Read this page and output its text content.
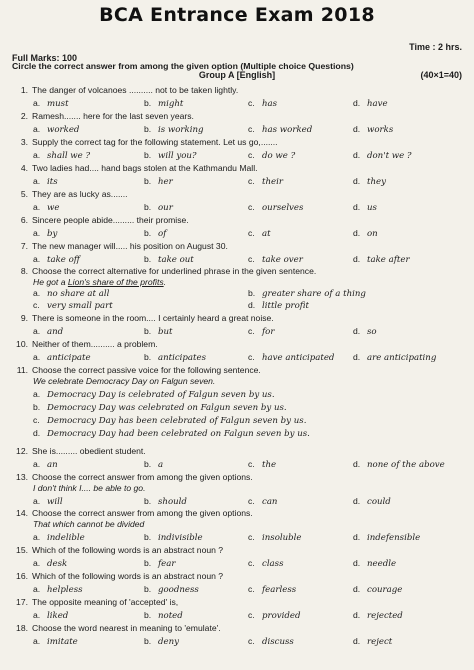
BCA Entrance Exam 2018
Time : 2 hrs.
Full Marks: 100
Circle the correct answer from among the given option (Multiple choice Questions)
Group A [English]	(40×1=40)
1. The danger of volcanoes .......... not to be taken lightly.
a. must	b. might	c. has	d. have
2. Ramesh....... here for the last seven years.
a. worked	b. is working	c. has worked	d. works
3. Supply the correct tag for the following statement. Let us go,.......
a. shall we ?	b. will you?	c. do we ?	d. don't we ?
4. Two ladies had.... hand bags stolen at the Kathmandu Mall.
a. its	b. her	c. their	d. they
5. They are as lucky as.......
a. we	b. our	c. ourselves	d. us
6. Sincere people abide......... their promise.
a. by	b. of	c. at	d. on
7. The new manager will..... his position on August 30.
a. take off	b. take out	c. take over	d. take after
8. Choose the correct alternative for underlined phrase in the given sentence.
He got a Lion's share of the profits.
a. no share at all	b. greater share of a thing
c. very small part	d. little profit
9. There is someone in the room.... I certainly heard a great noise.
a. and	b. but	c. for	d. so
10. Neither of them.......... a problem.
a. anticipate	b. anticipates	c. have anticipated d. are anticipating
11. Choose the correct passive voice for the following sentence.
We celebrate Democracy Day on Falgun seven.
a. Democracy Day is celebrated of Falgun seven by us.
b. Democracy Day was celebrated on Falgun seven by us.
c. Democracy Day has been celebrated of Falgun seven by us.
d. Democracy Day had been celebrated on Falgun seven by us.
12. She is......... obedient student.
a. an	b. a	c. the	d. none of the above
13. Choose the correct answer from among the given options.
I don't think I.... be able to go.
a. will	b. should	c. can	d. could
14. Choose the correct answer from among the given options.
That which cannot be divided
a. indelible	b. indivisible	c. insoluble	d. indefensible
15. Which of the following words is an abstract noun ?
a. desk	b. fear	c. class	d. needle
16. Which of the following words is an abstract noun ?
a. helpless	b. goodness	c. fearless	d. courage
17. The opposite meaning of 'accepted' is,
a. liked	b. noted	c. provided	d. rejected
18. Choose the word nearest in meaning to 'emulate'.
a. imitate	b. deny	c. discuss	d. reject
